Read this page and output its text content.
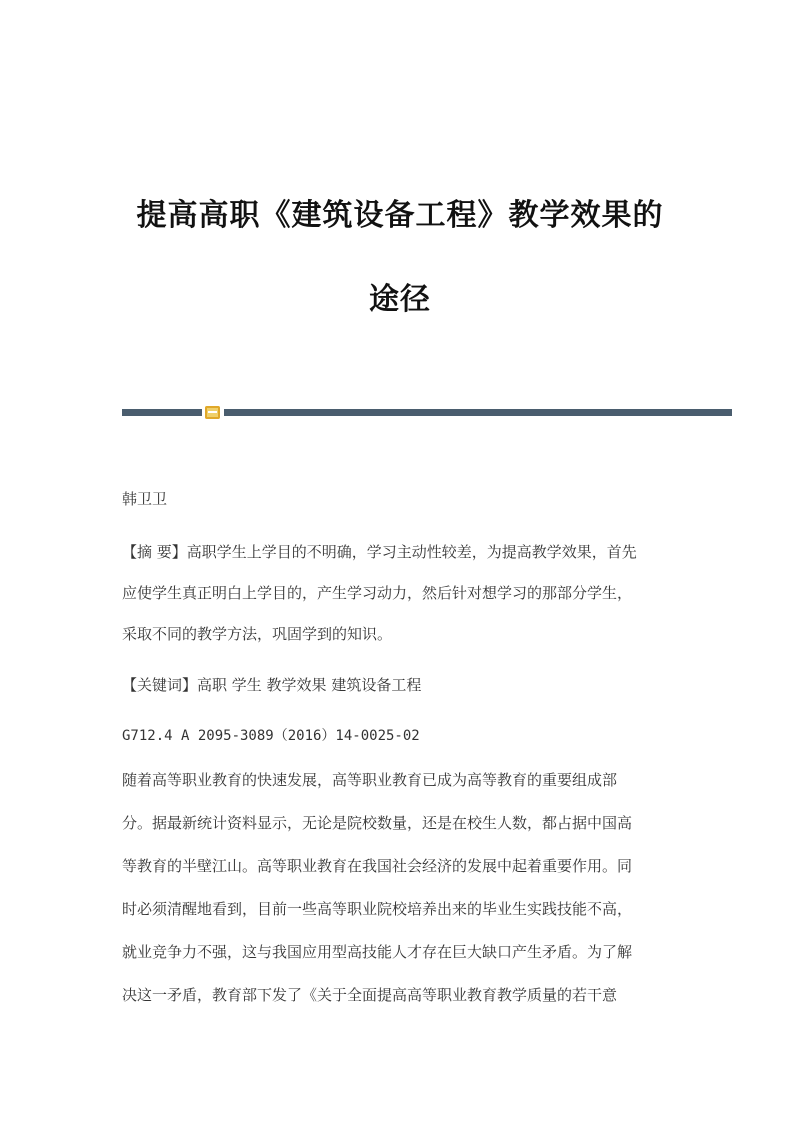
提高高职《建筑设备工程》教学效果的
途径

韩卫卫

【摘 要】高职学生上学目的不明确，学习主动性较差，为提高教学效果，首先

应使学生真正明白上学目的，产生学习动力，然后针对想学习的那部分学生，

采取不同的教学方法，巩固学到的知识。

【关键词】高职 学生 教学效果 建筑设备工程

G712.4 A 2095-3089（2016）14-0025-02

随着高等职业教育的快速发展，高等职业教育已成为高等教育的重要组成部

分。据最新统计资料显示，无论是院校数量，还是在校生人数，都占据中国高

等教育的半壁江山。高等职业教育在我国社会经济的发展中起着重要作用。同

时必须清醒地看到，目前一些高等职业院校培养出来的毕业生实践技能不高，

就业竞争力不强，这与我国应用型高技能人才存在巨大缺口产生矛盾。为了解

决这一矛盾，教育部下发了《关于全面提高高等职业教育教学质量的若干意
